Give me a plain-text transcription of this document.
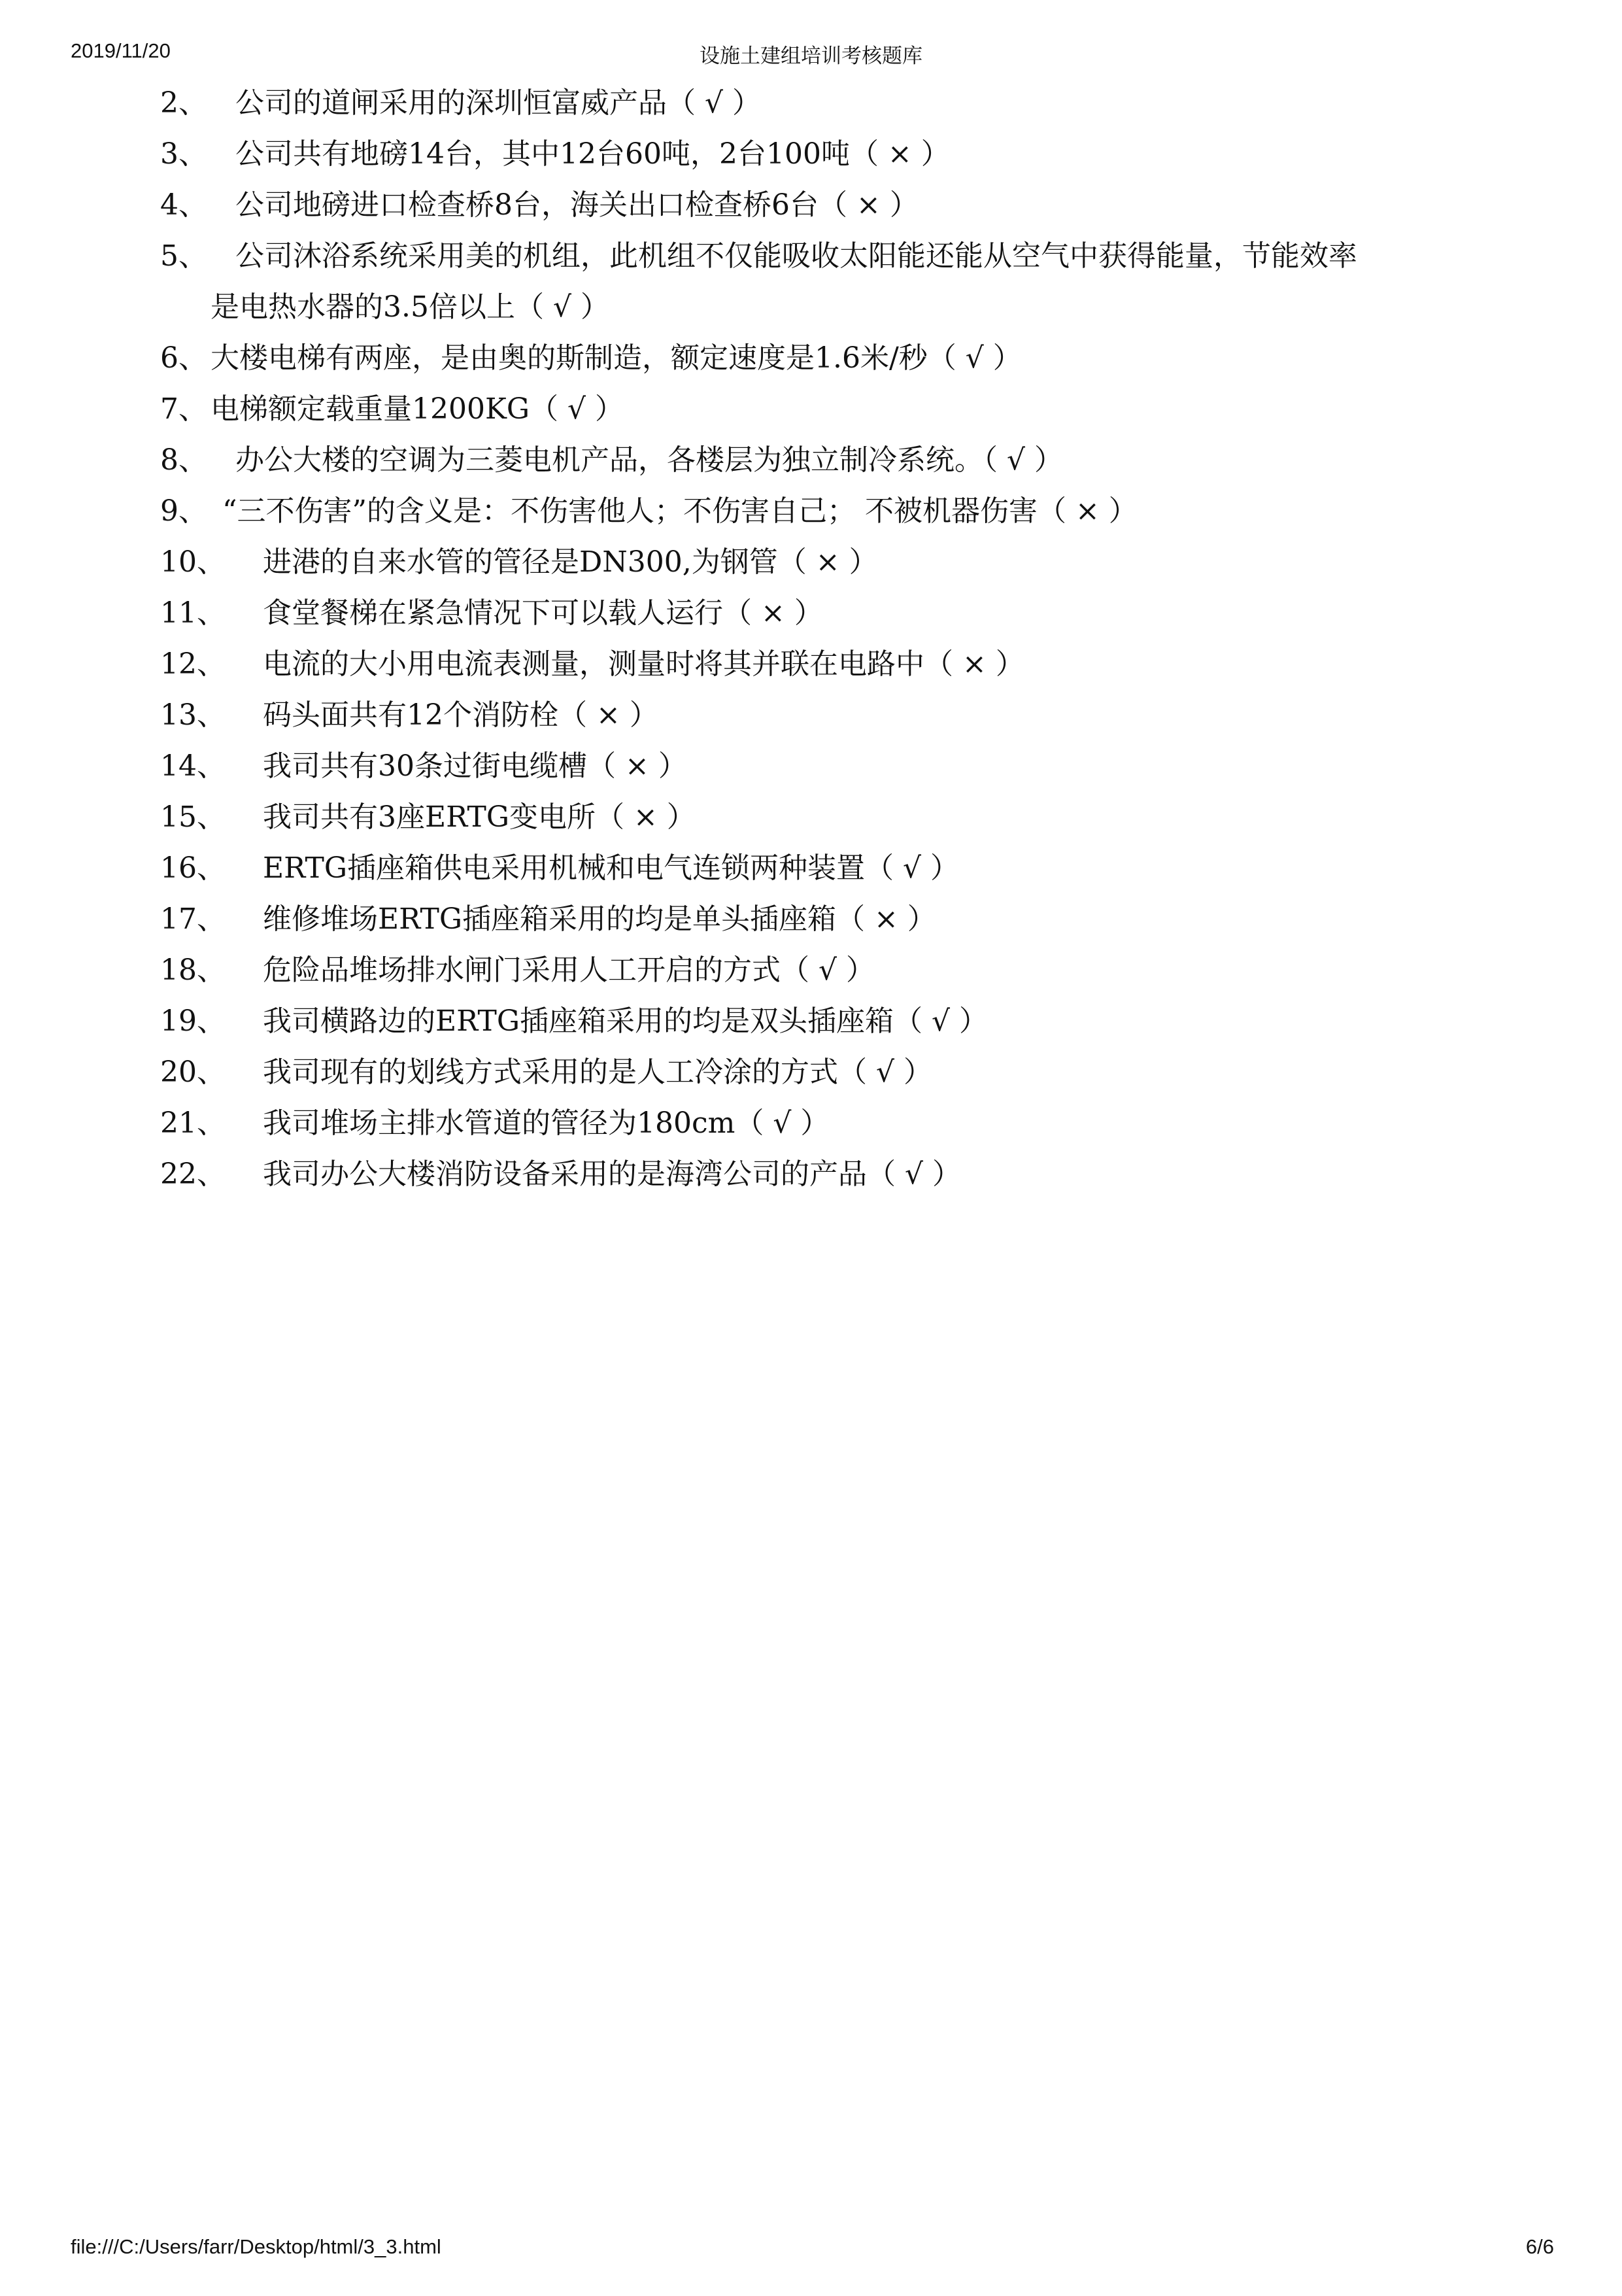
2019/11/20	设施土建组培训考核题库
2、 公司的道闸采用的深圳恒富威产品（ √ ）
3、 公司共有地磅14台，其中12台60吨，2台100吨（ × ）
4、 公司地磅进口检查桥8台，海关出口检查桥6台（ × ）
5、 公司沐浴系统采用美的机组，此机组不仅能吸收太阳能还能从空气中获得能量，节能效率
是电热水器的3.5倍以上（ √ ）
6、 大楼电梯有两座，是由奥的斯制造，额定速度是1.6米/秒（ √ ）
7、 电梯额定载重量1200KG（ √ ）
8、 办公大楼的空调为三菱电机产品，各楼层为独立制冷系统。（ √ ）
9、 “三不伤害”的含义是：不伤害他人；不伤害自己； 不被机器伤害（ × ）
10、 进港的自来水管的管径是DN300,为钢管（ × ）
11、 食堂餐梯在紧急情况下可以载人运行（ × ）
12、 电流的大小用电流表测量，测量时将其并联在电路中（ × ）
13、 码头面共有12个消防栓（ × ）
14、 我司共有30条过街电缆槽（ × ）
15、 我司共有3座ERTG变电所（ × ）
16、 ERTG插座箱供电采用机械和电气连锁两种装置（ √ ）
17、 维修堆场ERTG插座箱采用的均是单头插座箱（ × ）
18、 危险品堆场排水闸门采用人工开启的方式（ √ ）
19、 我司横路边的ERTG插座箱采用的均是双头插座箱（ √ ）
20、 我司现有的划线方式采用的是人工冷涂的方式（ √ ）
21、 我司堆场主排水管道的管径为180cm（ √ ）
22、 我司办公大楼消防设备采用的是海湾公司的产品（ √ ）
file:///C:/Users/farr/Desktop/html/3_3.html	6/6
